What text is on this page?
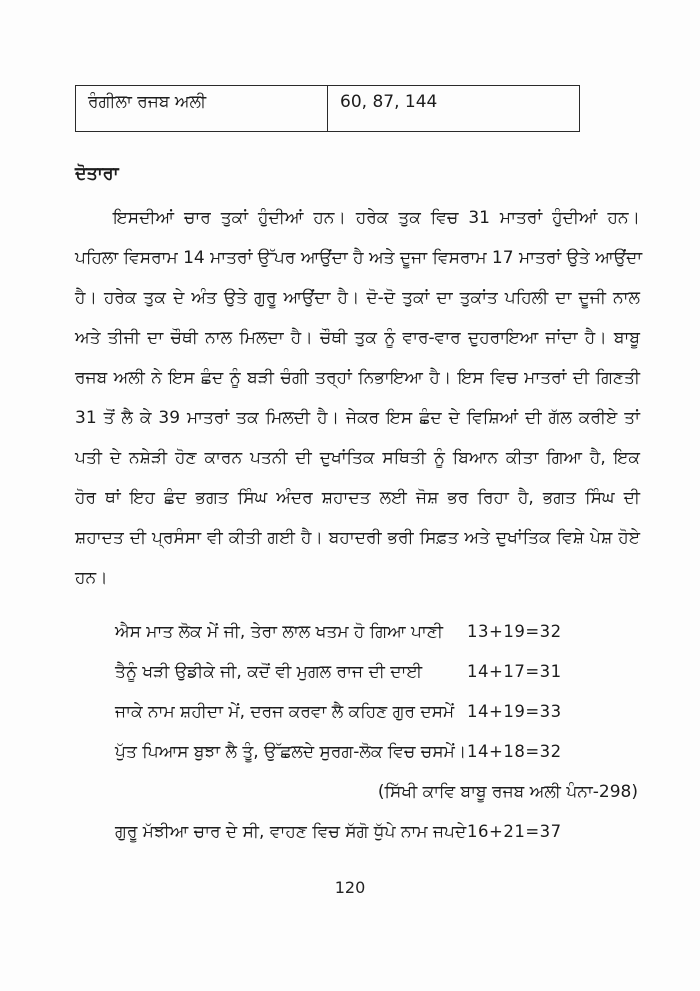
ਰੰਗੀਲਾ ਰਜਬ ਅਲੀ	60, 87, 144
ਦੋਤਾਰਾ
ਇਸਦੀਆਂ ਚਾਰ ਤੁਕਾਂ ਹੁੰਦੀਆਂ ਹਨ। ਹਰੇਕ ਤੁਕ ਵਿਚ 31 ਮਾਤਰਾਂ ਹੁੰਦੀਆਂ ਹਨ।
ਪਹਿਲਾ ਵਿਸਰਾਮ 14 ਮਾਤਰਾਂ ਉੱਪਰ ਆਉਂਦਾ ਹੈ ਅਤੇ ਦੂਜਾ ਵਿਸਰਾਮ 17 ਮਾਤਰਾਂ ਉਤੇ ਆਉਂਦਾ
ਹੈ। ਹਰੇਕ ਤੁਕ ਦੇ ਅੰਤ ਉਤੇ ਗੁਰੂ ਆਉਂਦਾ ਹੈ। ਦੋ-ਦੋ ਤੁਕਾਂ ਦਾ ਤੁਕਾਂਤ ਪਹਿਲੀ ਦਾ ਦੂਜੀ ਨਾਲ
ਅਤੇ ਤੀਜੀ ਦਾ ਚੌਥੀ ਨਾਲ ਮਿਲਦਾ ਹੈ। ਚੌਥੀ ਤੁਕ ਨੂੰ ਵਾਰ-ਵਾਰ ਦੁਹਰਾਇਆ ਜਾਂਦਾ ਹੈ। ਬਾਬੂ
ਰਜਬ ਅਲੀ ਨੇ ਇਸ ਛੰਦ ਨੂੰ ਬੜੀ ਚੰਗੀ ਤਰ੍ਹਾਂ ਨਿਭਾਇਆ ਹੈ। ਇਸ ਵਿਚ ਮਾਤਰਾਂ ਦੀ ਗਿਣਤੀ
31 ਤੋਂ ਲੈ ਕੇ 39 ਮਾਤਰਾਂ ਤਕ ਮਿਲਦੀ ਹੈ। ਜੇਕਰ ਇਸ ਛੰਦ ਦੇ ਵਿਸ਼ਿਆਂ ਦੀ ਗੱਲ ਕਰੀਏ ਤਾਂ
ਪਤੀ ਦੇ ਨਸ਼ੇੜੀ ਹੋਣ ਕਾਰਨ ਪਤਨੀ ਦੀ ਦੁਖਾਂਤਿਕ ਸਥਿਤੀ ਨੂੰ ਬਿਆਨ ਕੀਤਾ ਗਿਆ ਹੈ, ਇਕ
ਹੋਰ ਥਾਂ ਇਹ ਛੰਦ ਭਗਤ ਸਿੰਘ ਅੰਦਰ ਸ਼ਹਾਦਤ ਲਈ ਜੋਸ਼ ਭਰ ਰਿਹਾ ਹੈ, ਭਗਤ ਸਿੰਘ ਦੀ
ਸ਼ਹਾਦਤ ਦੀ ਪ੍ਰਸੰਸਾ ਵੀ ਕੀਤੀ ਗਈ ਹੈ। ਬਹਾਦਰੀ ਭਰੀ ਸਿਫ਼ਤ ਅਤੇ ਦੁਖਾਂਤਿਕ ਵਿਸ਼ੇ ਪੇਸ਼ ਹੋਏ
ਹਨ।
ਐਸ ਮਾਤ ਲੋਕ ਮੇਂ ਜੀ, ਤੇਰਾ ਲਾਲ ਖਤਮ ਹੋ ਗਿਆ ਪਾਣੀ	13+19=32
ਤੈਨੂੰ ਖੜੀ ਉਡੀਕੇ ਜੀ, ਕਦੋਂ ਵੀ ਮੁਗਲ ਰਾਜ ਦੀ ਦਾਈ	14+17=31
ਜਾਕੇ ਨਾਮ ਸ਼ਹੀਦਾ ਮੇਂ, ਦਰਜ ਕਰਵਾ ਲੈ ਕਹਿਣ ਗੁਰ ਦਸਮੇਂ 14+19=33
ਪੁੱਤ ਪਿਆਸ ਬੁਝਾ ਲੈ ਤੂੰ, ਉੱਛਲਦੇ ਸੁਰਗ-ਲੋਕ ਵਿਚ ਚਸਮੇਂ। 14+18=32
(ਸਿੱਖੀ ਕਾਵਿ ਬਾਬੂ ਰਜਬ ਅਲੀ ਪੰਨਾ-298)
ਗੁਰੂ ਮੱਝੀਆ ਚਾਰ ਦੇ ਸੀ, ਵਾਹਣ ਵਿਚ ਸੱਗੋ ਧੁੱਪੇ ਨਾਮ ਜਪਦੇ 16+21=37
120
